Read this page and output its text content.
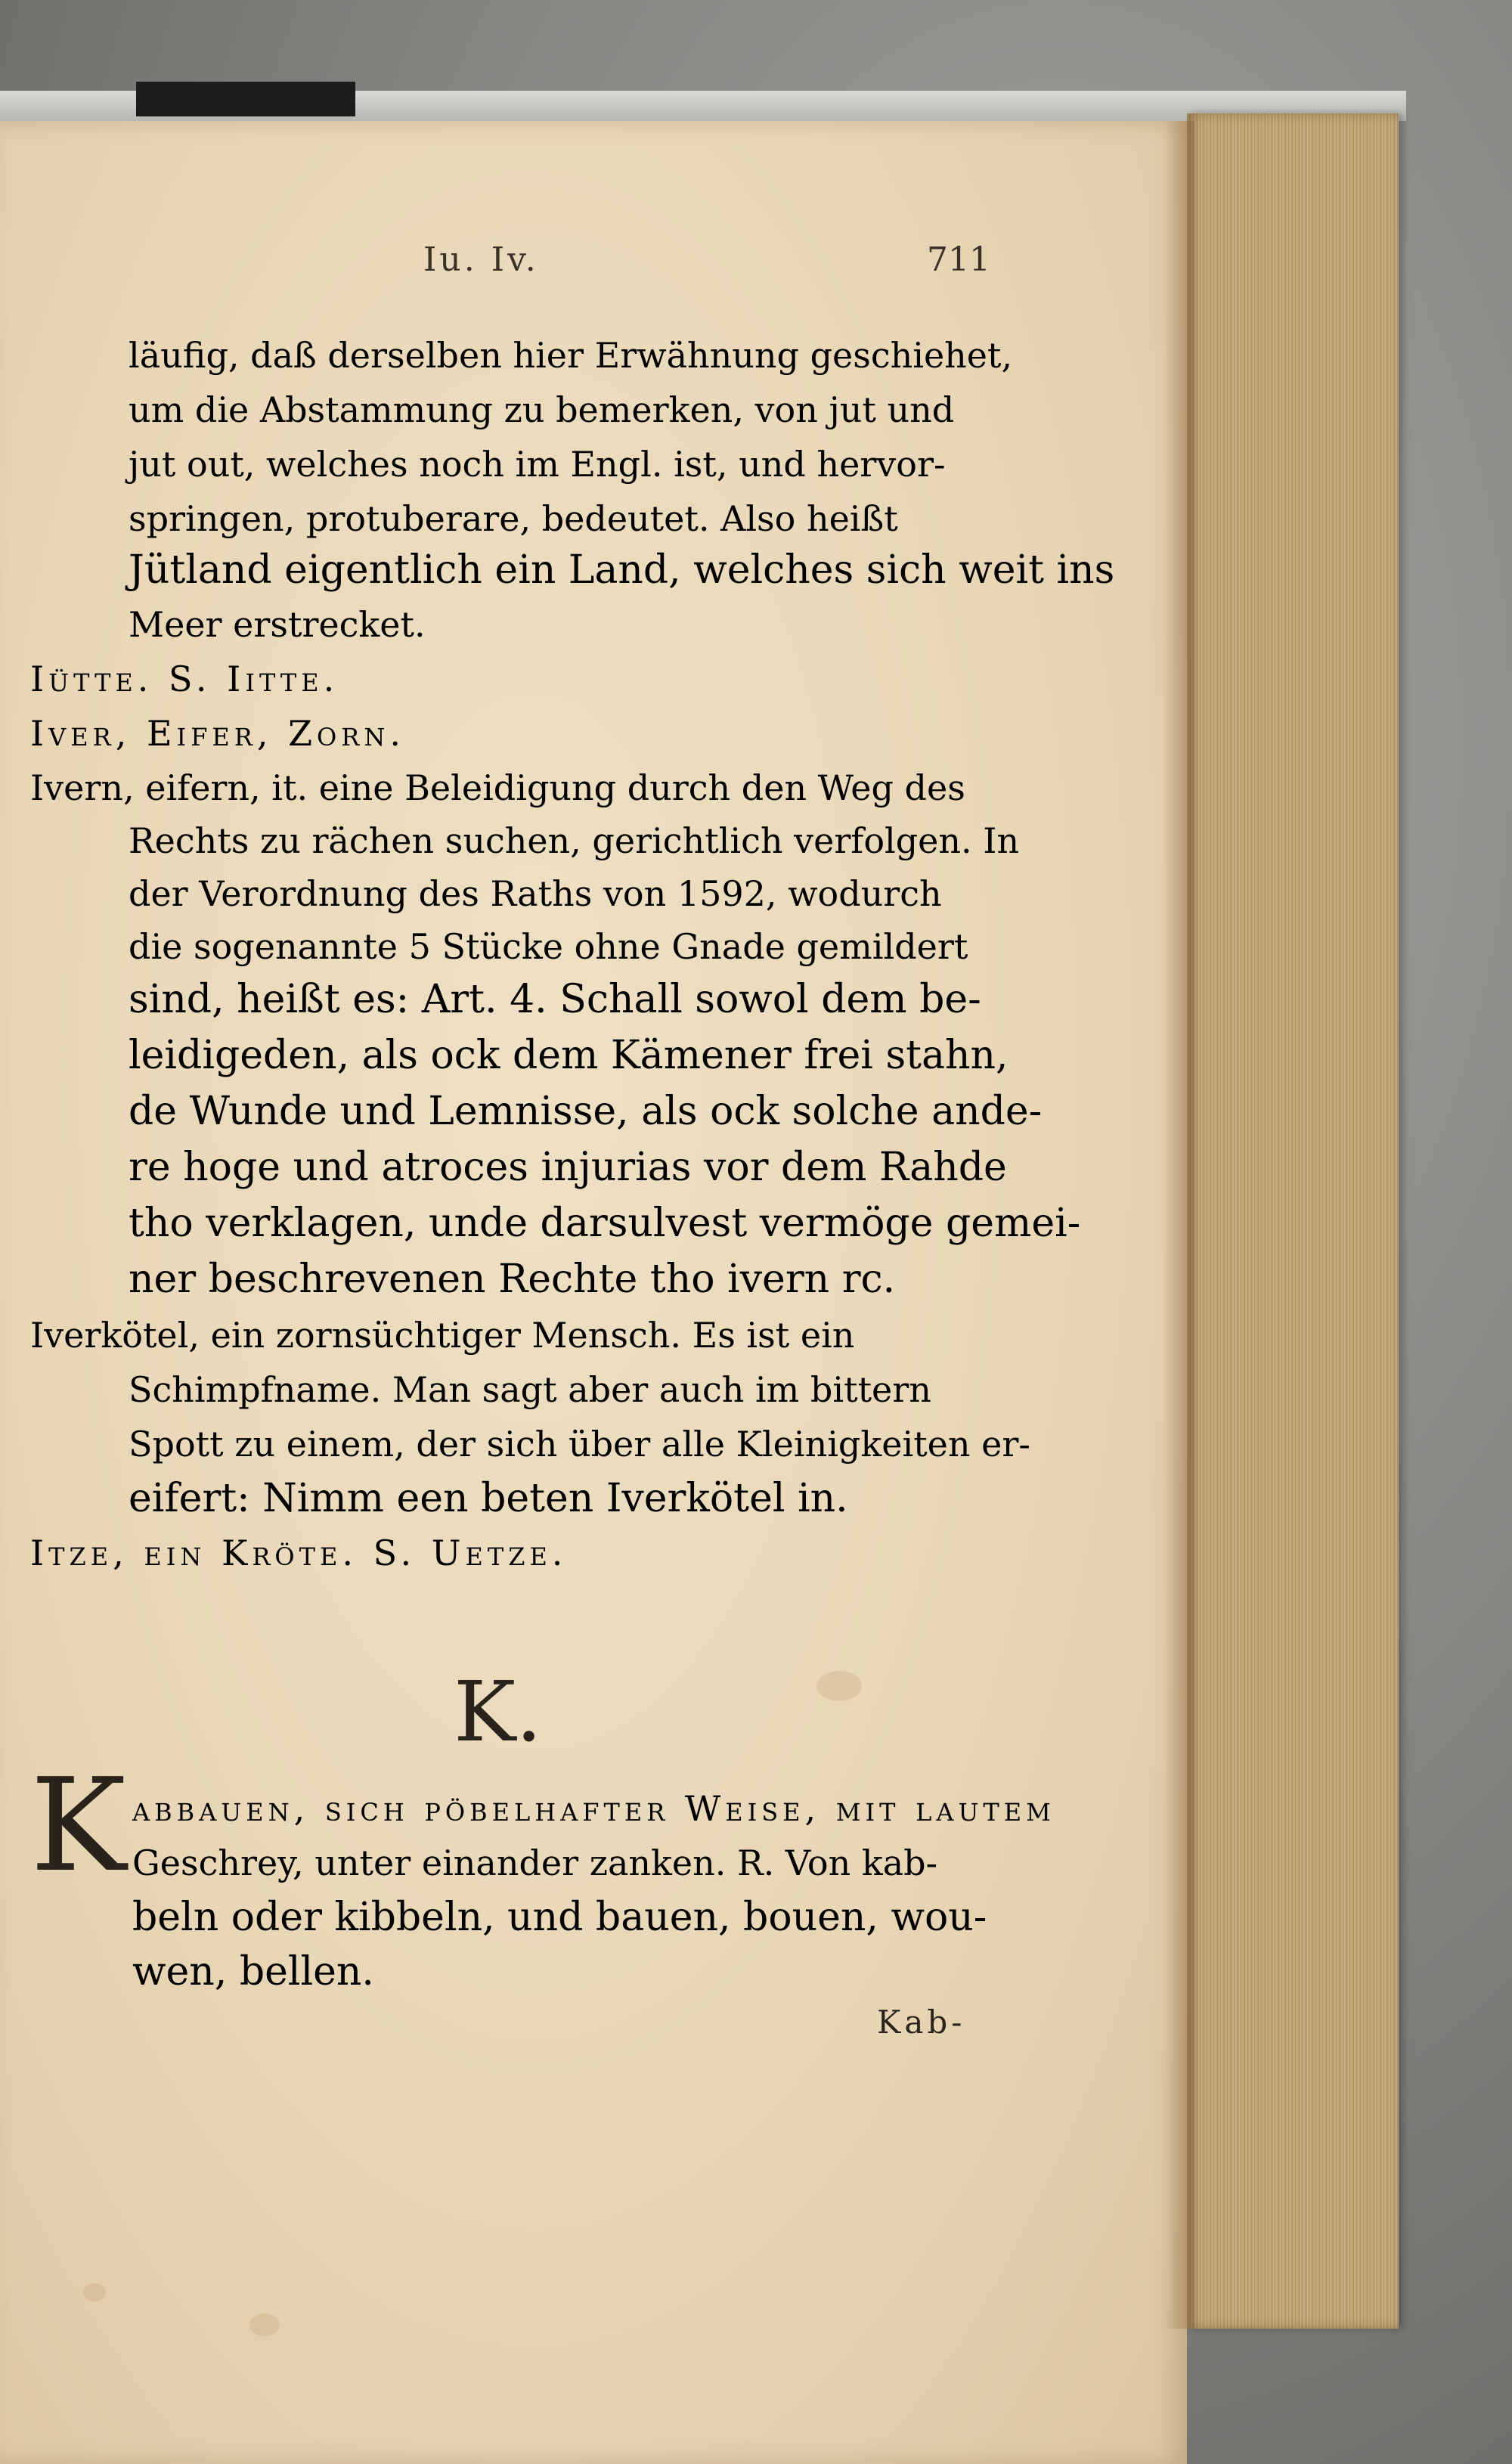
Iu. Iv.	711
läufig, daß derselben hier Erwähnung geschiehet,
um die Abstammung zu bemerken, von jut und
jut out, welches noch im Engl. ist, und hervor-
springen, protuberare, bedeutet. Also heißt
Jütland eigentlich ein Land, welches sich weit ins
Meer erstrecket.
Iütte. S. Iitte.
Iver, Eifer, Zorn.
Ivern, eifern, it. eine Beleidigung durch den Weg des
Rechts zu rächen suchen, gerichtlich verfolgen. In
der Verordnung des Raths von 1592, wodurch
die sogenannte 5 Stücke ohne Gnade gemildert
sind, heißt es: Art. 4. Schall sowol dem be-
leidigeden, als ock dem Kämener frei stahn,
de Wunde und Lemnisse, als ock solche ande-
re hoge und atroces injurias vor dem Rahde
tho verklagen, unde darsulvest vermöge gemei-
ner beschrevenen Rechte tho ivern rc.
Iverkötel, ein zornsüchtiger Mensch. Es ist ein
Schimpfname. Man sagt aber auch im bittern
Spott zu einem, der sich über alle Kleinigkeiten er-
eifert: Nimm een beten Iverkötel in.
Itze, ein Kröte. S. Uetze.
K.
K abbauen, sich pöbelhafter Weise, mit lautem
Geschrey, unter einander zanken. R. Von kab-
beln oder kibbeln, und bauen, bouen, wou-
wen, bellen.
Kab-
